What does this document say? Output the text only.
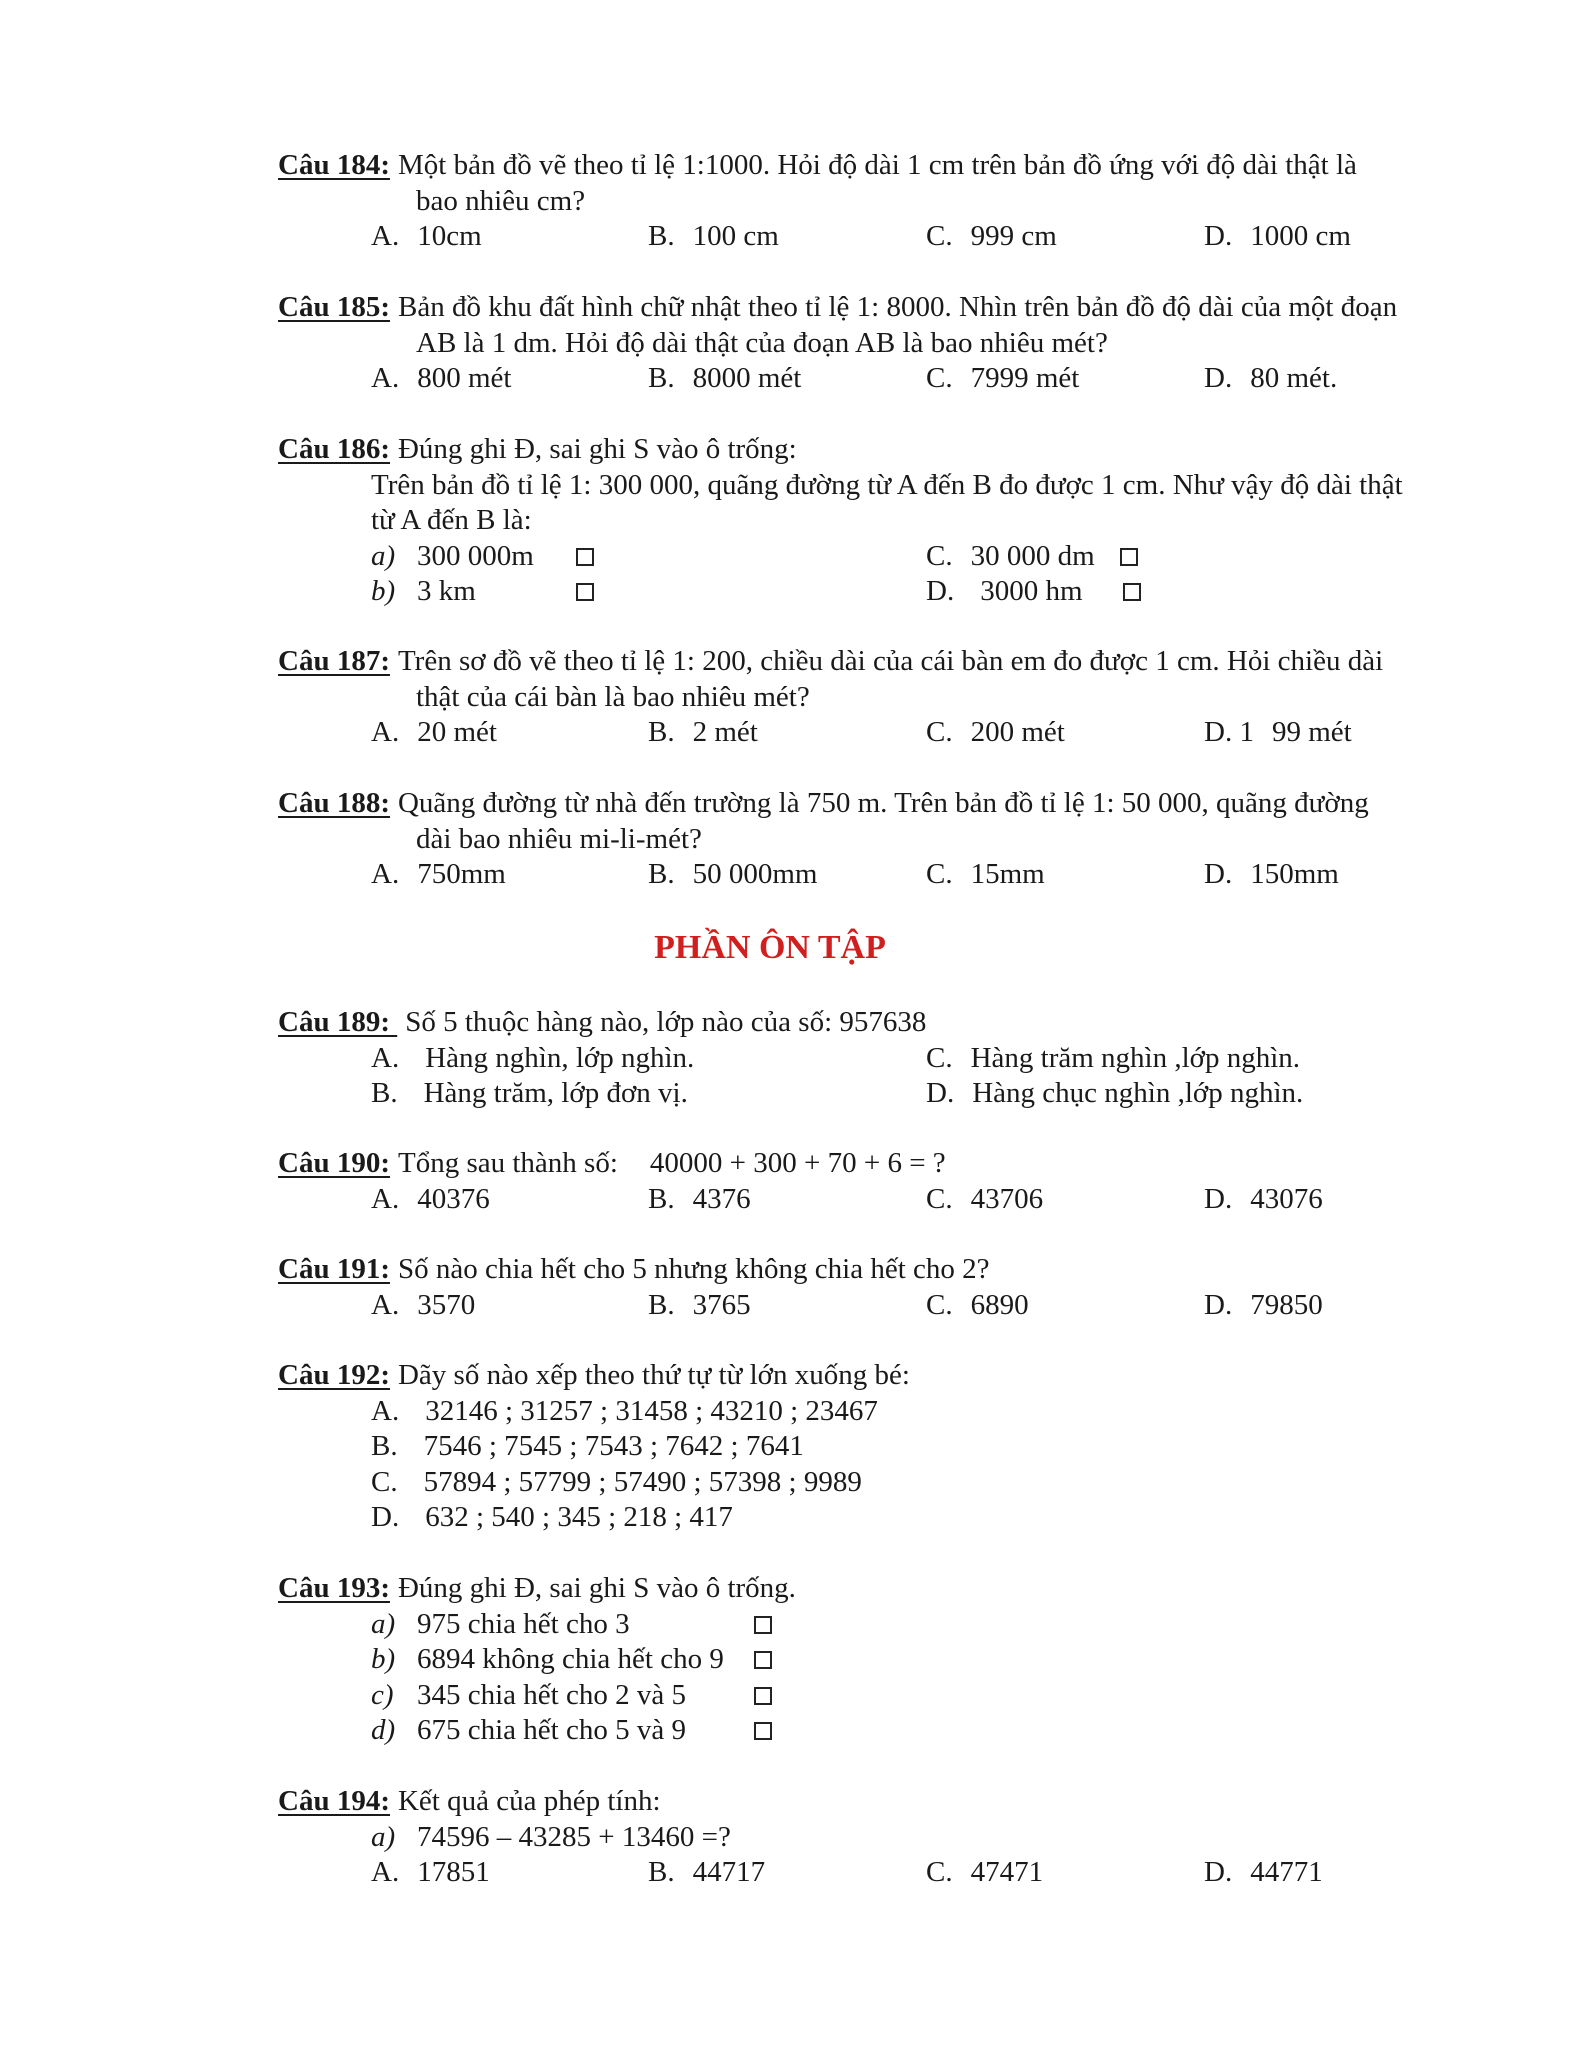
Câu 184: Một bản đồ vẽ theo tỉ lệ 1:1000. Hỏi độ dài 1 cm trên bản đồ ứng với độ dài thật là
bao nhiêu cm?
A. 10cm	B. 100 cm	C. 999 cm	D. 1000 cm
Câu 185: Bản đồ khu đất hình chữ nhật theo tỉ lệ 1: 8000. Nhìn trên bản đồ độ dài của một đoạn
AB là 1 dm. Hỏi độ dài thật của đoạn AB là bao nhiêu mét?
A. 800 mét	B. 8000 mét	C. 7999 mét	D. 80 mét.
Câu 186: Đúng ghi Đ, sai ghi S vào ô trống:
Trên bản đồ tỉ lệ 1: 300 000, quãng đường từ A đến B đo được 1 cm. Như vậy độ dài thật
từ A đến B là:
a) 300 000m	C. 30 000 dm
b) 3 km	D. 3000 hm
Câu 187: Trên sơ đồ vẽ theo tỉ lệ 1: 200, chiều dài của cái bàn em đo được 1 cm. Hỏi chiều dài
thật của cái bàn là bao nhiêu mét?
A. 20 mét	B. 2 mét	C. 200 mét	D. 1 99 mét
Câu 188: Quãng đường từ nhà đến trường là 750 m. Trên bản đồ tỉ lệ 1: 50 000, quãng đường
dài bao nhiêu mi-li-mét?
A. 750mm	B. 50 000mm	C. 15mm	D. 150mm
PHẦN ÔN TẬP
Câu 189: Số 5 thuộc hàng nào, lớp nào của số: 957638
A. Hàng nghìn, lớp nghìn.	C. Hàng trăm nghìn ,lớp nghìn.
B. Hàng trăm, lớp đơn vị.	D. Hàng chục nghìn ,lớp nghìn.
Câu 190: Tổng sau thành số: 40000 + 300 + 70 + 6 = ?
A. 40376	B. 4376	C. 43706	D. 43076
Câu 191: Số nào chia hết cho 5 nhưng không chia hết cho 2?
A. 3570	B. 3765	C. 6890	D. 79850
Câu 192: Dãy số nào xếp theo thứ tự từ lớn xuống bé:
A. 32146 ; 31257 ; 31458 ; 43210 ; 23467
B. 7546 ; 7545 ; 7543 ; 7642 ; 7641
C. 57894 ; 57799 ; 57490 ; 57398 ; 9989
D. 632 ; 540 ; 345 ; 218 ; 417
Câu 193: Đúng ghi Đ, sai ghi S vào ô trống.
a) 975 chia hết cho 3
b) 6894 không chia hết cho 9
c) 345 chia hết cho 2 và 5
d) 675 chia hết cho 5 và 9
Câu 194: Kết quả của phép tính:
a) 74596 – 43285 + 13460 =?
A. 17851	B. 44717	C. 47471	D. 44771
